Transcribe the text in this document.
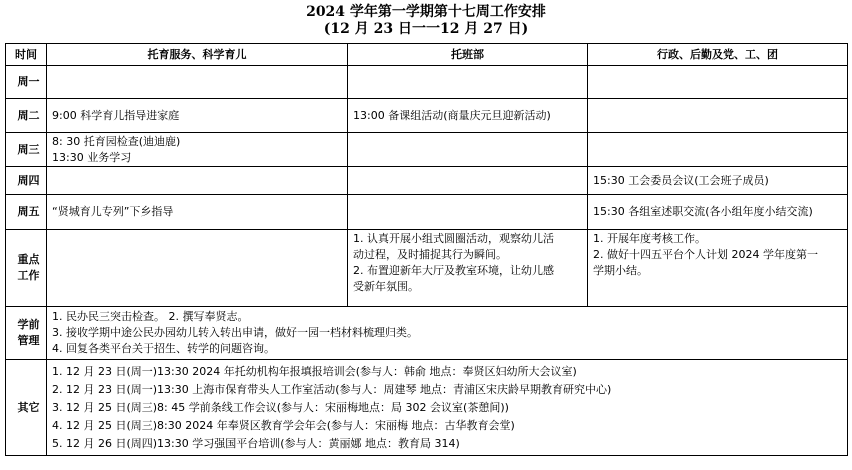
2024 学年第一学期第十七周工作安排
(12 月 23 日一一12 月 27 日)
时间	托育服务、科学育儿	托班部	行政、后勤及党、工、团
周一			
周二	9:00 科学育儿指导进家庭	13:00 备课组活动(商量庆元旦迎新活动)	
周三	8: 30 托育园检查(迪迪鹿)
13:30 业务学习		

周四			15:30 工会委员会议(工会班子成员)
周五	“贤城育儿专列”下乡指导		15:30 各组室述职交流(各小组年度小结交流)

重点
工作		1. 认真开展小组式圆圈活动，观察幼儿活
动过程，及时捕捉其行为瞬间。
2. 布置迎新年大厅及教室环境，让幼儿感
受新年氛围。	1. 开展年度考核工作。
2. 做好十四五平台个人计划 2024 学年度第一
学期小结。

学前
管理	1. 民办民三突击检查。 2. 撰写奉贤志。
3. 接收学期中途公民办园幼儿转入转出申请，做好一园一档材料梳理归类。
4. 回复各类平台关于招生、转学的问题咨询。		

其它	1. 12 月 23 日(周一)13:30 2024 年托幼机构年报填报培训会(参与人：韩俞 地点：奉贤区妇幼所大会议室)
2. 12 月 23 日(周一)13:30 上海市保育带头人工作室活动(参与人：周建琴 地点：青浦区宋庆龄早期教育研究中心)
3. 12 月 25 日(周三)8: 45 学前条线工作会议(参与人：宋丽梅地点：局 302 会议室(茶憩间))
4. 12 月 25 日(周三)8:30 2024 年奉贤区教育学会年会(参与人：宋丽梅 地点：古华教育会堂)
5. 12 月 26 日(周四)13:30 学习强国平台培训(参与人：黄丽娜 地点：教育局 314)		
